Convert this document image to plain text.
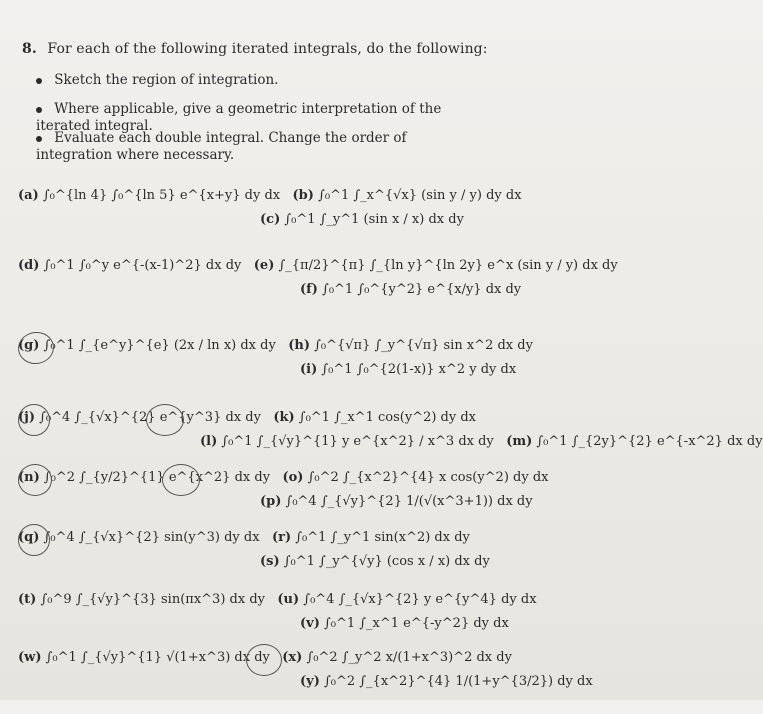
8. For each of the following iterated integrals, do the following:
Sketch the region of integration.
Where applicable, give a geometric interpretation of the iterated integral.
Evaluate each double integral. Change the order of integration where necessary.
(a) ∫₀^{ln 4} ∫₀^{ln 5} e^{x+y} dy dx (b) ∫₀^1 ∫_x^{√x} (sin y / y) dy dx
(c) ∫₀^1 ∫_y^1 (sin x / x) dx dy
(d) ∫₀^1 ∫₀^y e^{-(x-1)^2} dx dy (e) ∫_{π/2}^{π} ∫_{ln y}^{ln 2y} e^x (sin y / y) dx dy
(f) ∫₀^1 ∫₀^{y^2} e^{x/y} dx dy
(g) ∫₀^1 ∫_{e^y}^{e} (2x / ln x) dx dy (h) ∫₀^{√π} ∫_y^{√π} sin x^2 dx dy
(i) ∫₀^1 ∫₀^{2(1-x)} x^2 y dy dx
(j) ∫₀^4 ∫_{√x}^{2} e^{y^3} dx dy (k) ∫₀^1 ∫_x^1 cos(y^2) dy dx
(l) ∫₀^1 ∫_{√y}^{1} y e^{x^2} / x^3 dx dy (m) ∫₀^1 ∫_{2y}^{2} e^{-x^2} dx dy
(n) ∫₀^2 ∫_{y/2}^{1} e^{x^2} dx dy (o) ∫₀^2 ∫_{x^2}^{4} x cos(y^2) dy dx
(p) ∫₀^4 ∫_{√y}^{2} 1/(√(x^3+1)) dx dy
(q) ∫₀^4 ∫_{√x}^{2} sin(y^3) dy dx (r) ∫₀^1 ∫_y^1 sin(x^2) dx dy
(s) ∫₀^1 ∫_y^{√y} (cos x / x) dx dy
(t) ∫₀^9 ∫_{√y}^{3} sin(πx^3) dx dy (u) ∫₀^4 ∫_{√x}^{2} y e^{y^4} dy dx
(v) ∫₀^1 ∫_x^1 e^{-y^2} dy dx
(w) ∫₀^1 ∫_{√y}^{1} √(1+x^3) dx dy (x) ∫₀^2 ∫_y^2 x/(1+x^3)^2 dx dy
(y) ∫₀^2 ∫_{x^2}^{4} 1/(1+y^{3/2}) dy dx
